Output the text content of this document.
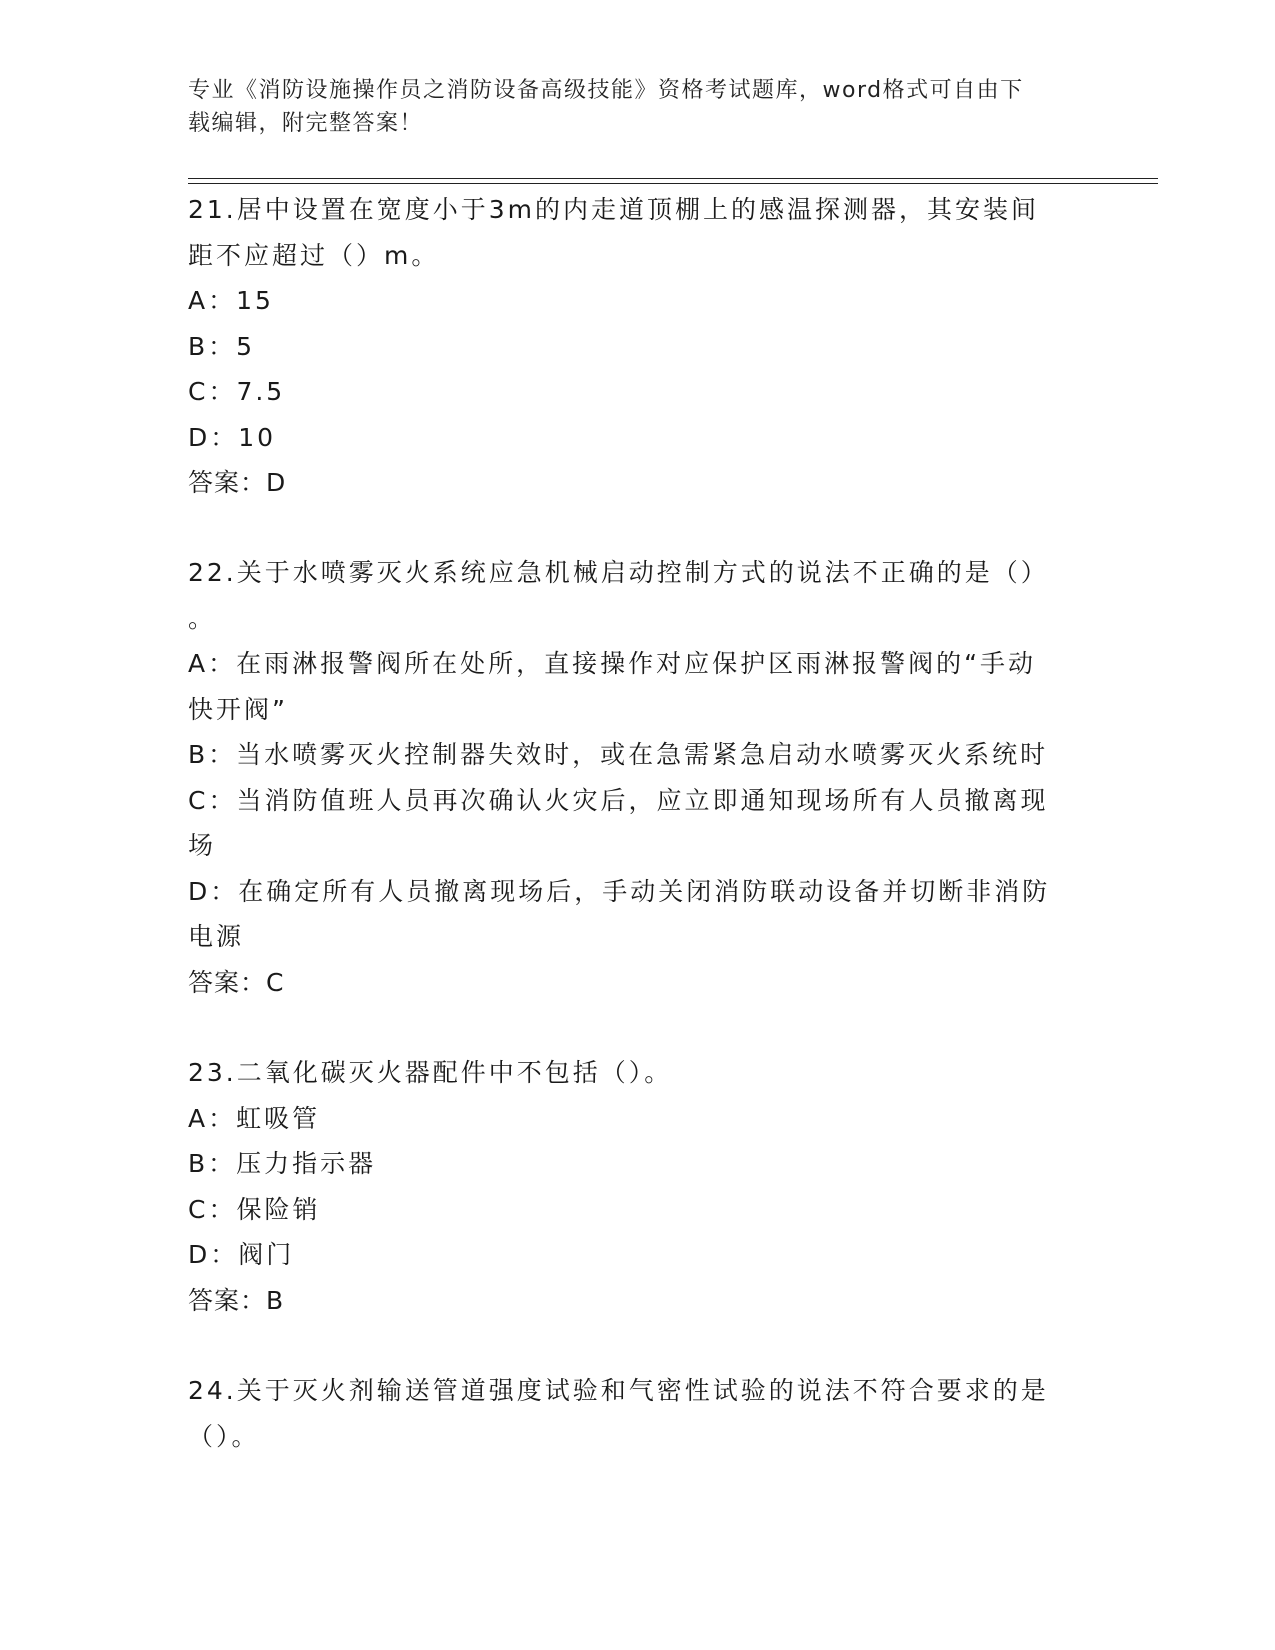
专业《消防设施操作员之消防设备高级技能》资格考试题库，word格式可自由下
载编辑，附完整答案！
21.居中设置在宽度小于3m的内走道顶棚上的感温探测器，其安装间
距不应超过（）m。
A：15
B：5
C：7.5
D：10
答案：D
22.关于水喷雾灭火系统应急机械启动控制方式的说法不正确的是（）
。
A：在雨淋报警阀所在处所，直接操作对应保护区雨淋报警阀的“手动
快开阀”
B：当水喷雾灭火控制器失效时，或在急需紧急启动水喷雾灭火系统时
C：当消防值班人员再次确认火灾后，应立即通知现场所有人员撤离现
场
D：在确定所有人员撤离现场后，手动关闭消防联动设备并切断非消防
电源
答案：C
23.二氧化碳灭火器配件中不包括（）。
A：虹吸管
B：压力指示器
C：保险销
D：阀门
答案：B
24.关于灭火剂输送管道强度试验和气密性试验的说法不符合要求的是
（）。
